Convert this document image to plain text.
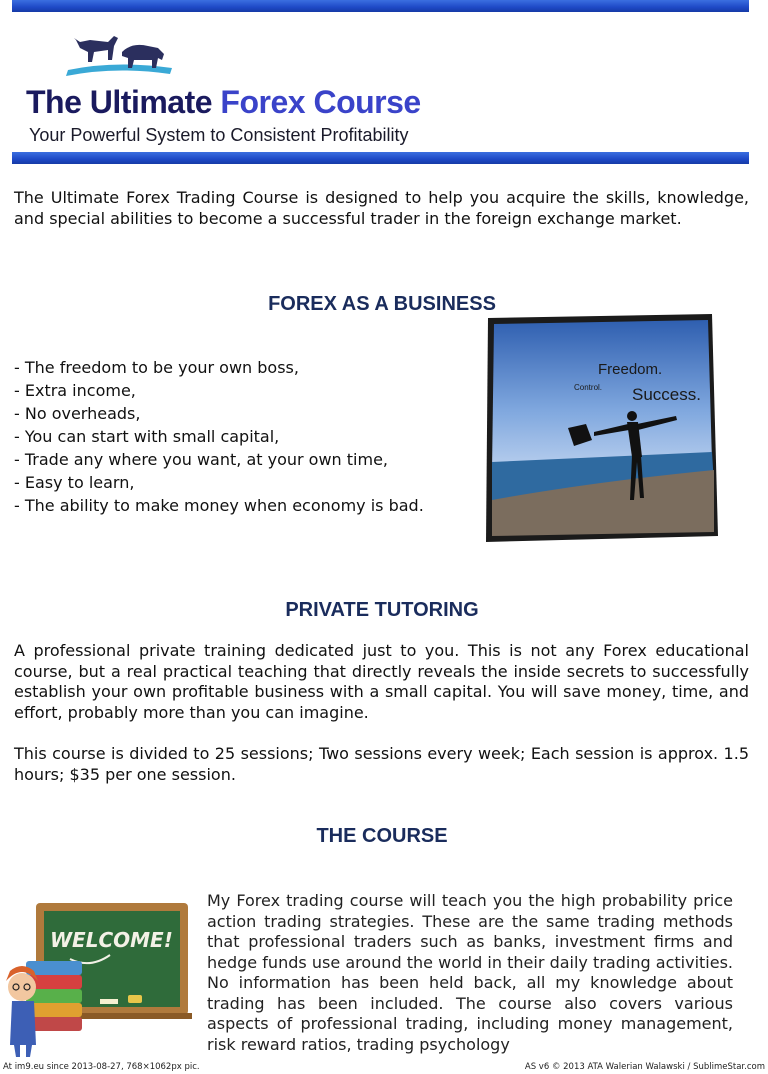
The Ultimate Forex Course

Your Powerful System to Consistent Profitability

The Ultimate Forex Trading Course is designed to help you acquire the skills, knowledge, and special abilities to become a successful trader in the foreign exchange market.

FOREX AS A BUSINESS
- The freedom to be your own boss,
- Extra income,
- No overheads,
- You can start with small capital,
- Trade any where you want, at your own time,
- Easy to learn,
- The ability to make money when economy is bad.
Freedom.
Control. Success.
PRIVATE TUTORING

A professional private training dedicated just to you. This is not any Forex educational course, but a real practical teaching that directly reveals the inside secrets to successfully establish your own profitable business with a small capital. You will save money, time, and effort, probably more than you can imagine.

This course is divided to 25 sessions; Two sessions every week; Each session is approx. 1.5 hours; $35 per one session.

THE COURSE
WELCOME!

My Forex trading course will teach you the high probability price action trading strategies. These are the same trading methods that professional traders such as banks, investment firms and hedge funds use around the world in their daily trading activities. No information has been held back, all my knowledge about trading has been included. The course also covers various aspects of professional trading, including money management, risk reward ratios, trading psychology

At im9.eu since 2013-08-27, 768×1062px pic.	AS v6 © 2013 ATA Walerian Walawski / SublimeStar.com
